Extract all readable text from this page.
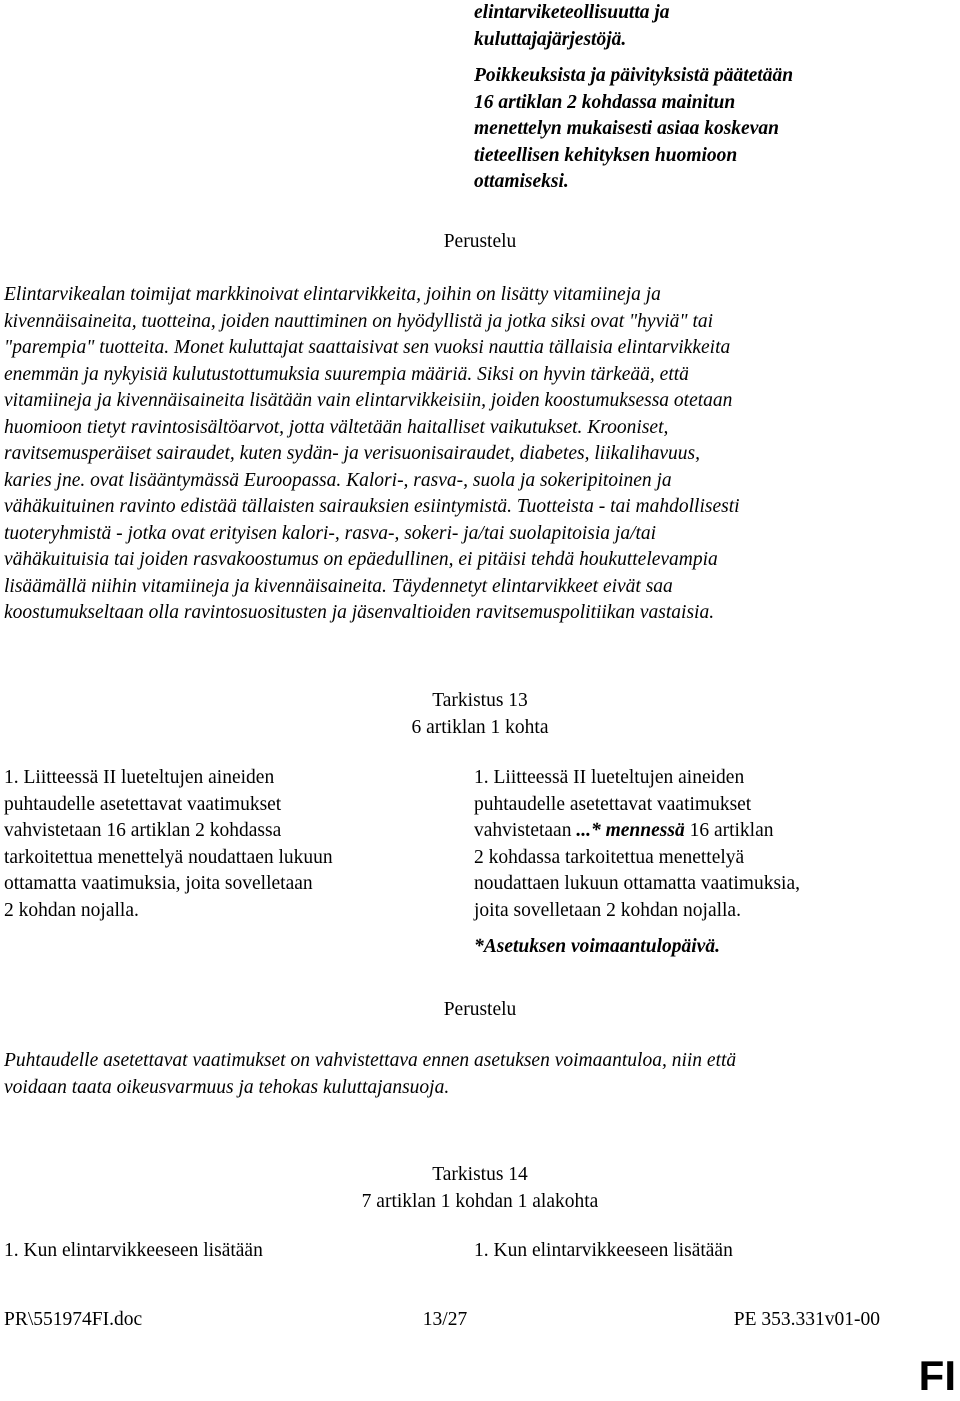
elintarviketeollisuutta ja
kuluttajajärjestöjä.
Poikkeuksista ja päivityksistä päätetään
16 artiklan 2 kohdassa mainitun
menettelyn mukaisesti asiaa koskevan
tieteellisen kehityksen huomioon
ottamiseksi.
Perustelu
Elintarvikealan toimijat markkinoivat elintarvikkeita, joihin on lisätty vitamiineja ja
kivennäisaineita, tuotteina, joiden nauttiminen on hyödyllistä ja jotka siksi ovat "hyviä" tai
"parempia" tuotteita. Monet kuluttajat saattaisivat sen vuoksi nauttia tällaisia elintarvikkeita
enemmän ja nykyisiä kulutustottumuksia suurempia määriä. Siksi on hyvin tärkeää, että
vitamiineja ja kivennäisaineita lisätään vain elintarvikkeisiin, joiden koostumuksessa otetaan
huomioon tietyt ravintosisältöarvot, jotta vältetään haitalliset vaikutukset. Krooniset,
ravitsemusperäiset sairaudet, kuten sydän- ja verisuonisairaudet, diabetes, liikalihavuus,
karies jne. ovat lisääntymässä Euroopassa. Kalori-, rasva-, suola ja sokeripitoinen ja
vähäkuituinen ravinto edistää tällaisten sairauksien esiintymistä. Tuotteista - tai mahdollisesti
tuoteryhmistä - jotka ovat erityisen kalori-, rasva-, sokeri- ja/tai suolapitoisia ja/tai
vähäkuituisia tai joiden rasvakoostumus on epäedullinen, ei pitäisi tehdä houkuttelevampia
lisäämällä niihin vitamiineja ja kivennäisaineita. Täydennetyt elintarvikkeet eivät saa
koostumukseltaan olla ravintosuositusten ja jäsenvaltioiden ravitsemuspolitiikan vastaisia.
Tarkistus 13
6 artiklan 1 kohta
1. Liitteessä II lueteltujen aineiden
puhtaudelle asetettavat vaatimukset
vahvistetaan 16 artiklan 2 kohdassa
tarkoitettua menettelyä noudattaen lukuun
ottamatta vaatimuksia, joita sovelletaan
2 kohdan nojalla.
1. Liitteessä II lueteltujen aineiden
puhtaudelle asetettavat vaatimukset
vahvistetaan ...* mennessä 16 artiklan
2 kohdassa tarkoitettua menettelyä
noudattaen lukuun ottamatta vaatimuksia,
joita sovelletaan 2 kohdan nojalla.
*Asetuksen voimaantulopäivä.
Perustelu
Puhtaudelle asetettavat vaatimukset on vahvistettava ennen asetuksen voimaantuloa, niin että
voidaan taata oikeusvarmuus ja tehokas kuluttajansuoja.
Tarkistus 14
7 artiklan 1 kohdan 1 alakohta
1. Kun elintarvikkeeseen lisätään	1. Kun elintarvikkeeseen lisätään
PR\551974FI.doc	13/27	PE 353.331v01-00
FI
